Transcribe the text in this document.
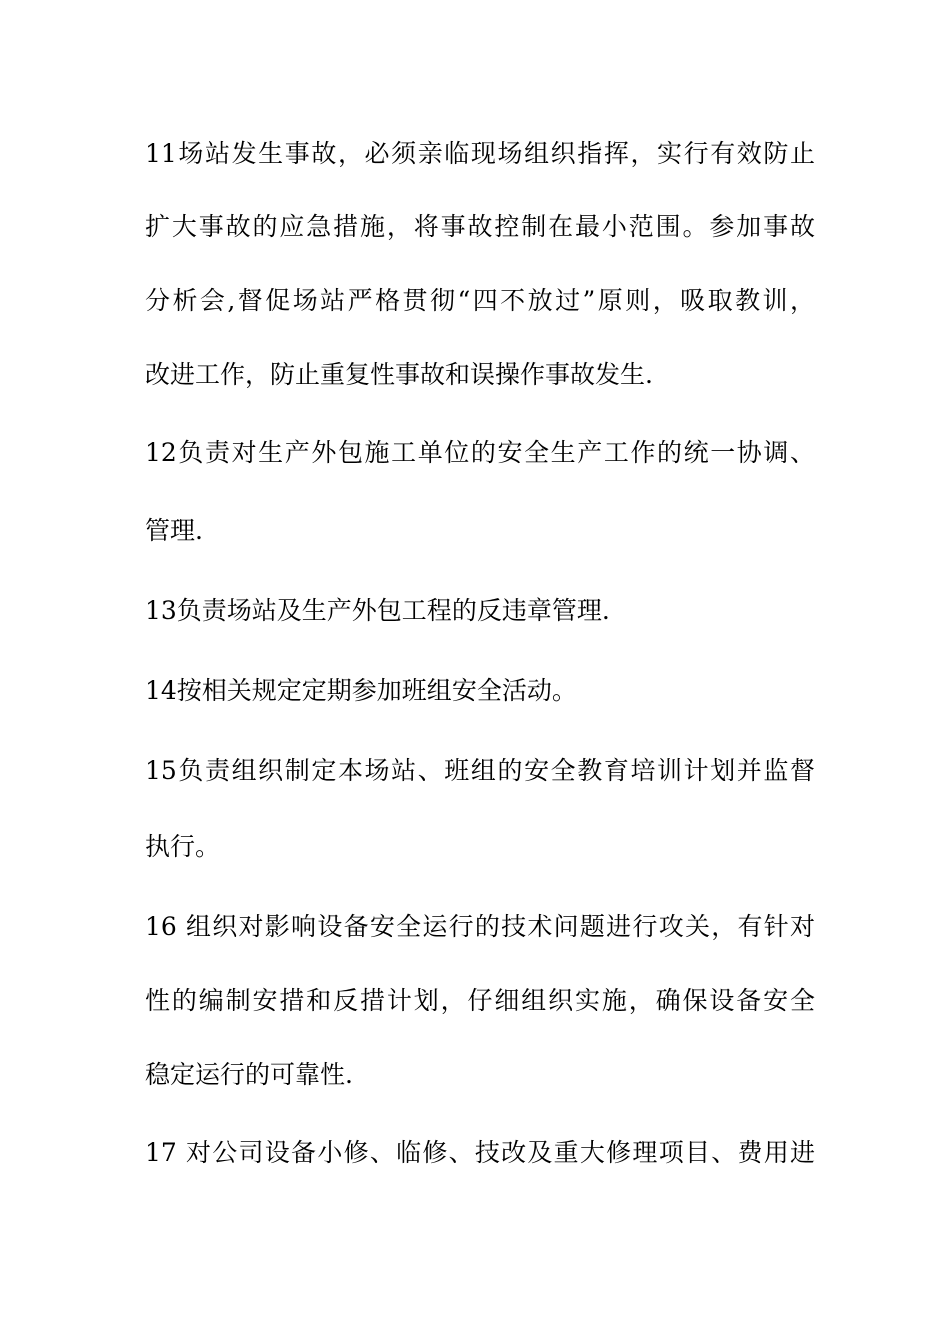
11场站发生事故，必须亲临现场组织指挥，实行有效防止
扩大事故的应急措施，将事故控制在最小范围。参加事故
分析会,督促场站严格贯彻“四不放过”原则，吸取教训，
改进工作，防止重复性事故和误操作事故发生.
12负责对生产外包施工单位的安全生产工作的统一协调、
管理.
13负责场站及生产外包工程的反违章管理.
14按相关规定定期参加班组安全活动。
15负责组织制定本场站、班组的安全教育培训计划并监督
执行。
16 组织对影响设备安全运行的技术问题进行攻关，有针对
性的编制安措和反措计划，仔细组织实施，确保设备安全
稳定运行的可靠性.
17 对公司设备小修、临修、技改及重大修理项目、费用进
